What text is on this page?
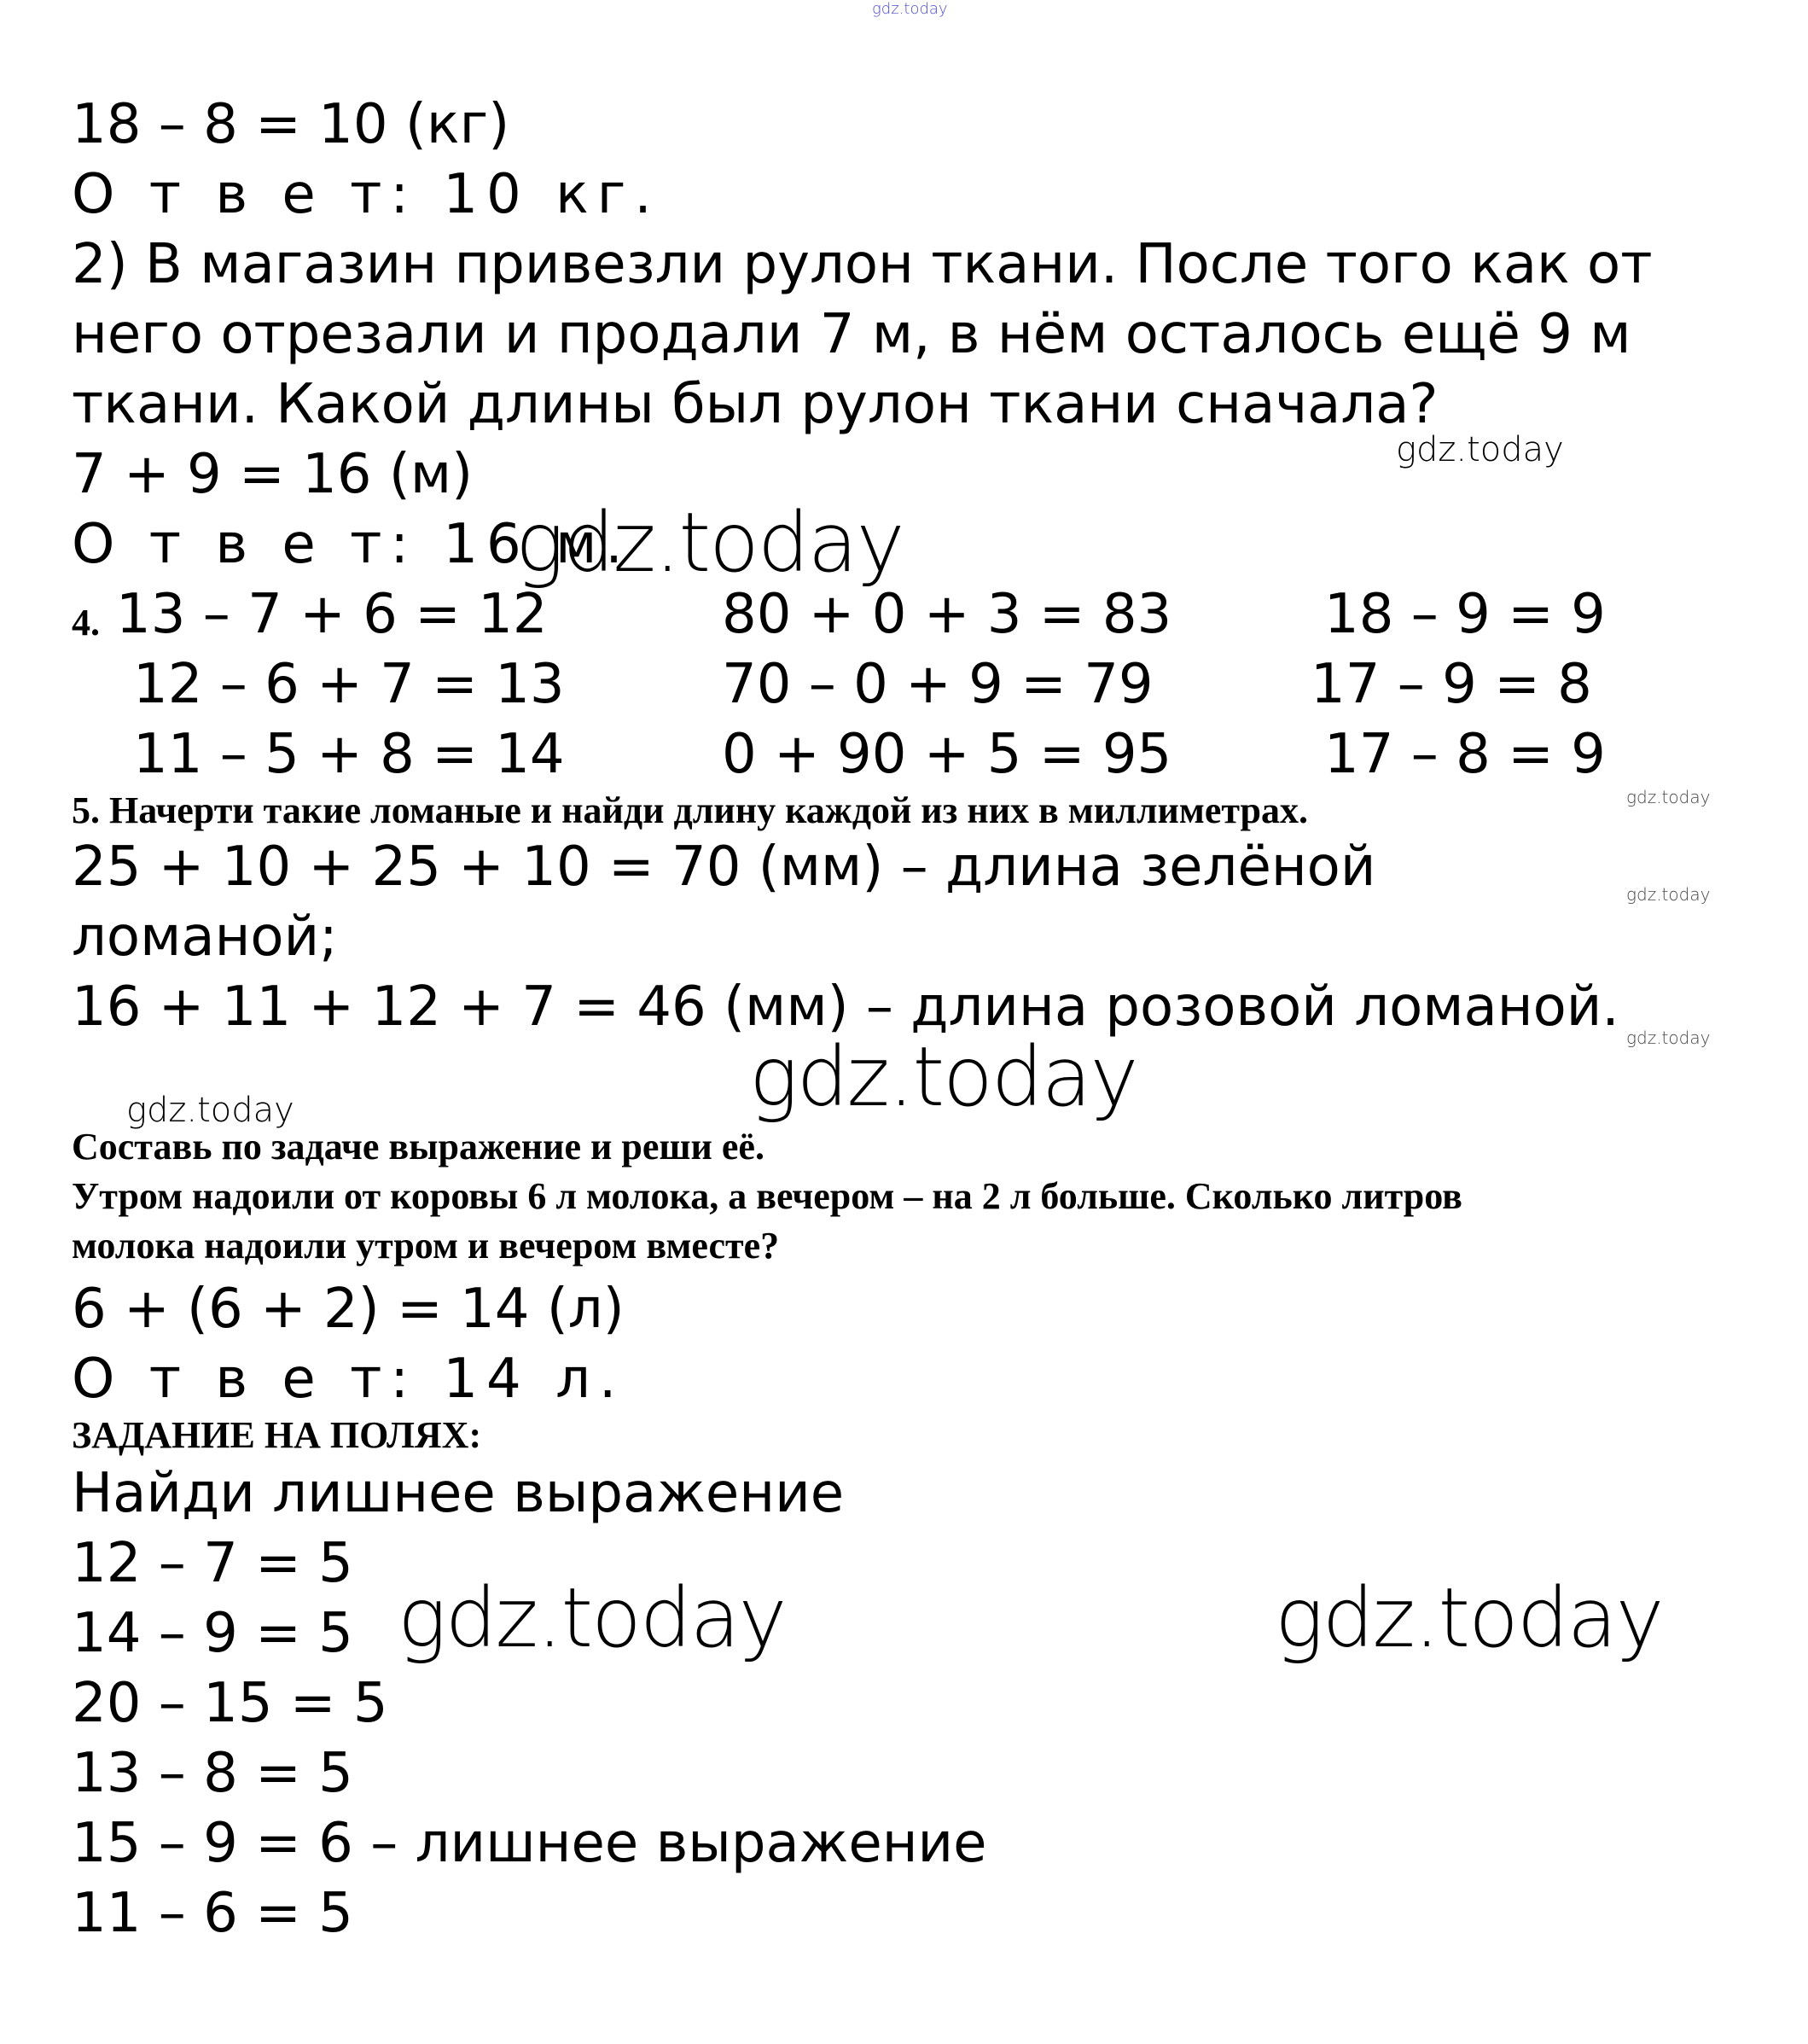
gdz.today
18 – 8 = 10 (кг)
О т в е т: 10 кг.
2) В магазин привезли рулон ткани. После того как от
него отрезали и продали 7 м, в нём осталось ещё 9 м
ткани. Какой длины был рулон ткани сначала?
7 + 9 = 16 (м)
О т в е т: 16 м.
4. 13 – 7 + 6 = 12
12 – 6 + 7 = 13
11 – 5 + 8 = 14
80 + 0 + 3 = 83
70 – 0 + 9 = 79
0 + 90 + 5 = 95
18 – 9 = 9
17 – 9 = 8
17 – 8 = 9
5. Начерти такие ломаные и найди длину каждой из них в миллиметрах.
25 + 10 + 25 + 10 = 70 (мм) – длина зелёной
ломаной;
16 + 11 + 12 + 7 = 46 (мм) – длина розовой ломаной.
Составь по задаче выражение и реши её.
Утром надоили от коровы 6 л молока, а вечером – на 2 л больше. Сколько литров
молока надоили утром и вечером вместе?
6 + (6 + 2) = 14 (л)
О т в е т: 14 л.
ЗАДАНИЕ НА ПОЛЯХ:
Найди лишнее выражение
12 – 7 = 5
14 – 9 = 5
20 – 15 = 5
13 – 8 = 5
15 – 9 = 6 – лишнее выражение
11 – 6 = 5
gdz.today
gdz.today
gdz.today
gdz.today
gdz.today
gdz.today
gdz.today
gdz.today	gdz.today
